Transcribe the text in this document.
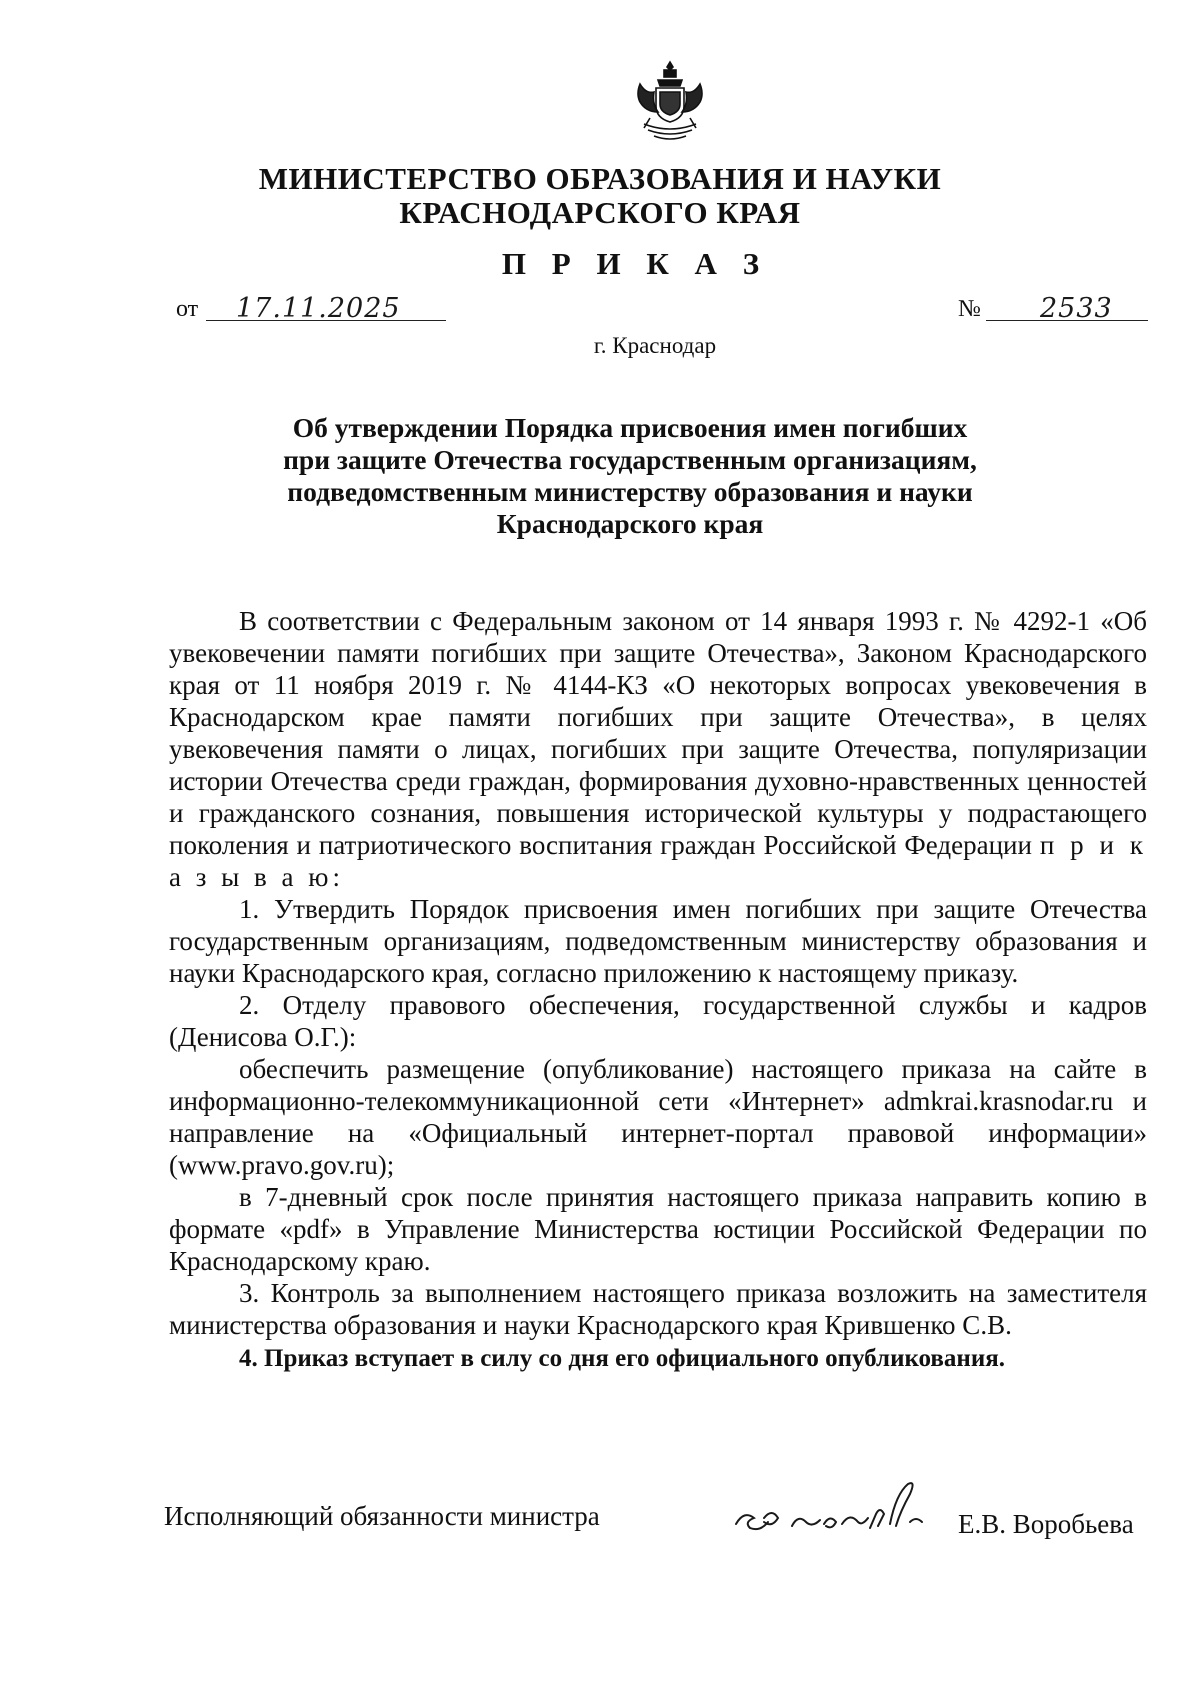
МИНИСТЕРСТВО ОБРАЗОВАНИЯ И НАУКИ
КРАСНОДАРСКОГО КРАЯ
П Р И К А З
от 17.11.2025	№ 2533
г. Краснодар
Об утверждении Порядка присвоения имен погибших
при защите Отечества государственным организациям,
подведомственным министерству образования и науки
Краснодарского края

В соответствии с Федеральным законом от 14 января 1993 г. № 4292-1 «Об увековечении памяти погибших при защите Отечества», Законом Краснодарского края от 11 ноября 2019 г. № 4144-КЗ «О некоторых вопросах увековечения в Краснодарском крае памяти погибших при защите Отечества», в целях увековечения памяти о лицах, погибших при защите Отечества, популяризации истории Отечества среди граждан, формирования духовно-нравственных ценностей и гражданского сознания, повышения исторической культуры у подрастающего поколения и патриотического воспитания граждан Российской Федерации п р и к а з ы в а ю:

1. Утвердить Порядок присвоения имен погибших при защите Отечества государственным организациям, подведомственным министерству образования и науки Краснодарского края, согласно приложению к настоящему приказу.

2. Отделу правового обеспечения, государственной службы и кадров (Денисова О.Г.):

обеспечить размещение (опубликование) настоящего приказа на сайте в информационно-телекоммуникационной сети «Интернет» admkrai.krasnodar.ru и направление на «Официальный интернет-портал правовой информации» (www.pravo.gov.ru);

в 7-дневный срок после принятия настоящего приказа направить копию в формате «pdf» в Управление Министерства юстиции Российской Федерации по Краснодарскому краю.

3. Контроль за выполнением настоящего приказа возложить на заместителя министерства образования и науки Краснодарского края Крившенко С.В.

4. Приказ вступает в силу со дня его официального опубликования.

Исполняющий обязанности министра	Е.В. Воробьева
